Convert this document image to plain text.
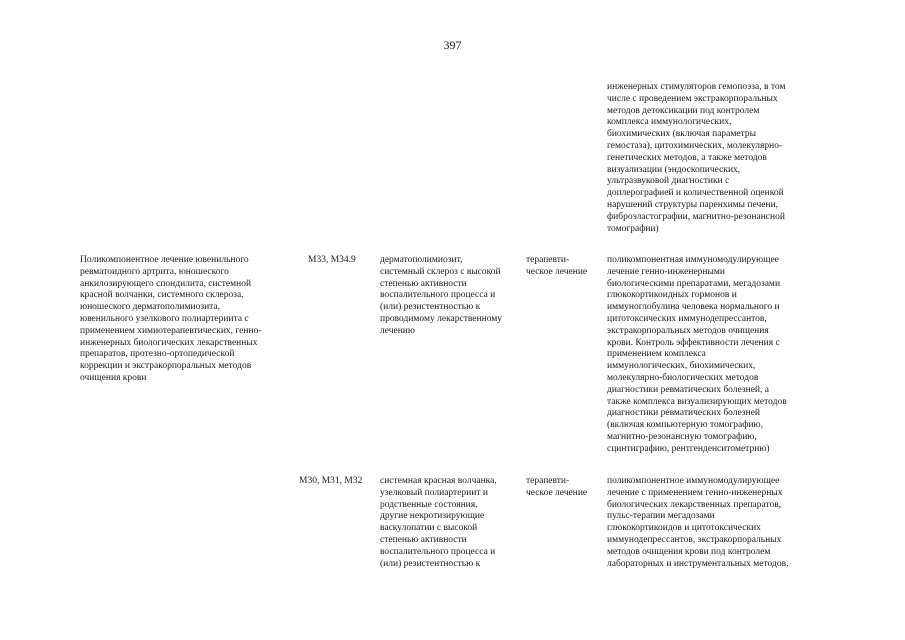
397
инженерных стимуляторов гемопоэза, в том
числе с проведением экстракорпоральных
методов детоксикации под контролем
комплекса иммунологических,
биохимических (включая параметры
гемостаза), цитохимических, молекулярно-
генетических методов, а также методов
визуализации (эндоскопических,
ультразвуковой диагностики с
доплерографией и количественной оценкой
нарушений структуры паренхимы печени,
фиброэластографии, магнитно-резонансной
томографии)
Поликомпонентное лечение ювенильного
ревматоидного артрита, юношеского
анкилозирующего спондилита, системной
красной волчанки, системного склероза,
юношеского дерматополимиозита,
ювенильного узелкового полиартериита с
применением химиотерапевтических, генно-
инженерных биологических лекарственных
препаратов, протезно-ортопедической
коррекции и экстракорпоральных методов
очищения крови
M33, M34.9	дерматополимиозит,
системный склероз с высокой
степенью активности
воспалительного процесса и
(или) резистентностью к
проводимому лекарственному
лечению
терапевти-
ческое лечение
поликомпонентная иммуномодулирующее
лечение генно-инженерными
биологическими препаратами, мегадозами
глюкокортикоидных гормонов и
иммуноглобулина человека нормального и
цитотоксических иммунодепрессантов,
экстракорпоральных методов очищения
крови. Контроль эффективности лечения с
применением комплекса
иммунологических, биохимических,
молекулярно-биологических методов
диагностики ревматических болезней, а
также комплекса визуализирующих методов
диагностики ревматических болезней
(включая компьютерную томографию,
магнитно-резонансную томографию,
сцинтиграфию, рентгенденситометрию)
M30, M31, M32 системная красная волчанка,
узелковый полиартериит и
родственные состояния,
другие некротизирующие
васкулопатии с высокой
степенью активности
воспалительного процесса и
(или) резистентностью к
терапевти-
ческое лечение
поликомпонентное иммуномодулирующее
лечение с применением генно-инженерных
биологических лекарственных препаратов,
пульс-терапии мегадозами
глюкокортикоидов и цитотоксических
иммунодепрессантов, экстракорпоральных
методов очищения крови под контролем
лабораторных и инструментальных методов,
